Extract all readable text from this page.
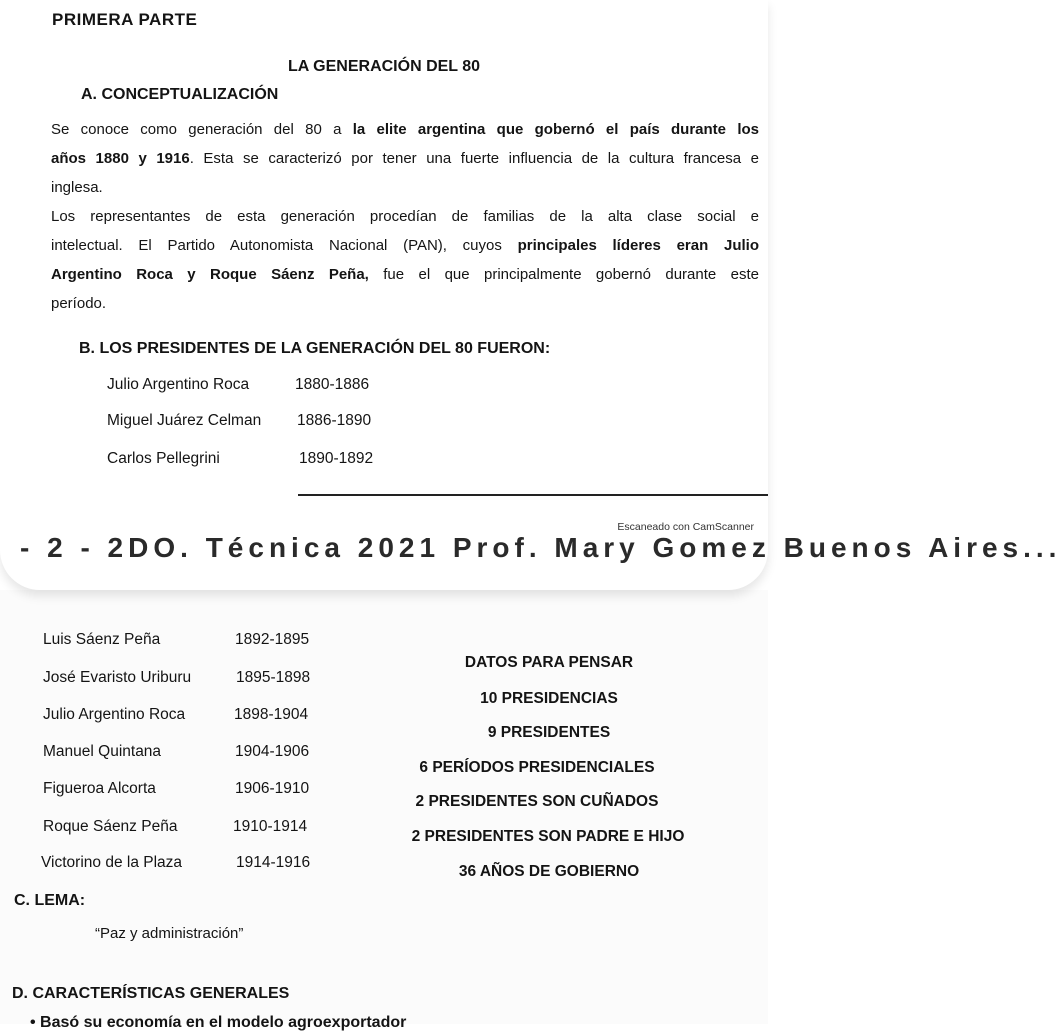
PRIMERA PARTE
LA GENERACIÓN DEL 80
A. CONCEPTUALIZACIÓN
Se conoce como generación del 80 a la elite argentina que gobernó el país durante los
años 1880 y 1916. Esta se caracterizó por tener una fuerte influencia de la cultura francesa e
inglesa.
Los representantes de esta generación procedían de familias de la alta clase social e
intelectual. El Partido Autonomista Nacional (PAN), cuyos principales líderes eran Julio
Argentino Roca y Roque Sáenz Peña, fue el que principalmente gobernó durante este
período.
B. LOS PRESIDENTES DE LA GENERACIÓN DEL 80 FUERON:
Julio Argentino Roca	1880-1886
Miguel Juárez Celman 1886-1890
Carlos Pellegrini	1890-1892
Escaneado con CamScanner
- 2 - 2DO. Técnica 2021 Prof. Mary Gomez Buenos Aires...
Luis Sáenz Peña	1892-1895
José Evaristo Uriburu	1895-1898
Julio Argentino Roca	1898-1904
Manuel Quintana	1904-1906
Figueroa Alcorta	1906-1910
Roque Sáenz Peña	1910-1914
Victorino de la Plaza	1914-1916
DATOS PARA PENSAR
10 PRESIDENCIAS
9 PRESIDENTES
6 PERÍODOS PRESIDENCIALES
2 PRESIDENTES SON CUÑADOS
2 PRESIDENTES SON PADRE E HIJO
36 AÑOS DE GOBIERNO
C. LEMA:
“Paz y administración”
D. CARACTERÍSTICAS GENERALES
• Basó su economía en el modelo agroexportador
